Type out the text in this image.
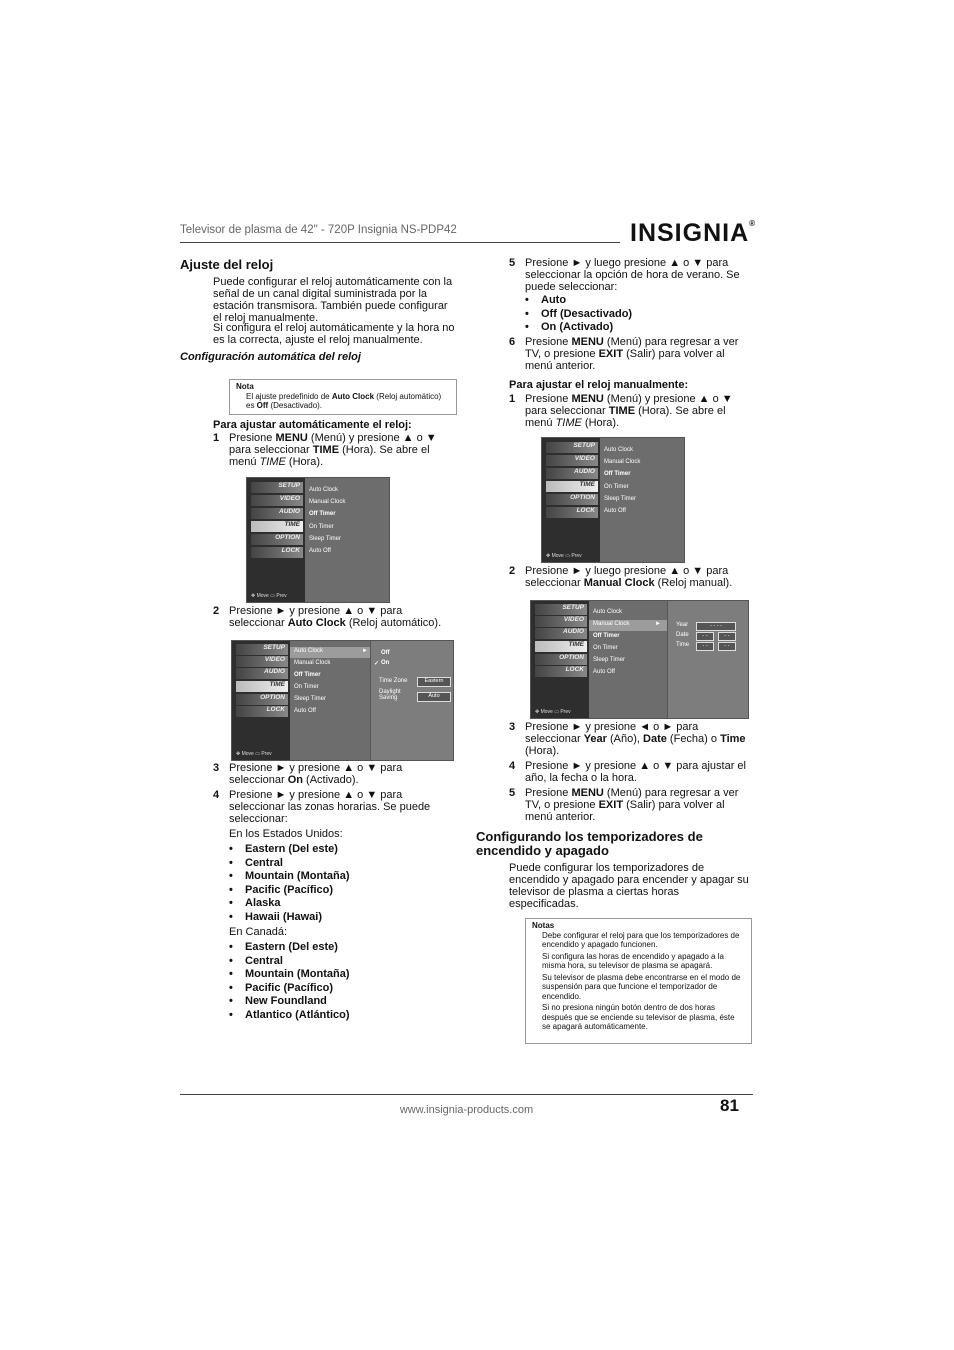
Televisor de plasma de 42" - 720P Insignia NS-PDP42	INSIGNIA®
Ajuste del reloj
Puede configurar el reloj automáticamente con la señal de un canal digital suministrada por la estación transmisora. También puede configurar el reloj manualmente.
Si configura el reloj automáticamente y la hora no es la correcta, ajuste el reloj manualmente.
Configuración automática del reloj
Nota
El ajuste predefinido de Auto Clock (Reloj automático) es Off (Desactivado).
Para ajustar automáticamente el reloj:
1 Presione MENU (Menú) y presione ▲ o ▼ para seleccionar TIME (Hora). Se abre el menú TIME (Hora).
SETUP
VIDEO
AUDIO
TIME
OPTION
LOCK
✥ Move ▭ Prev
Auto Clock
Manual Clock
Off Timer
On Timer
Sleep Timer
Auto Off
2 Presione ► y presione ▲ o ▼ para seleccionar Auto Clock (Reloj automático).
SETUP
VIDEO
AUDIO
TIME
OPTION
LOCK
✥ Move ▭ Prev
Auto Clock	►
Manual Clock
Off Timer
On Timer
Sleep Timer
Auto Off
Off
✓ On
Time Zone	Eastern
Daylight Saving	Auto
3 Presione ► y presione ▲ o ▼ para seleccionar On (Activado).
4 Presione ► y presione ▲ o ▼ para seleccionar las zonas horarias. Se puede seleccionar:
En los Estados Unidos:
• Eastern (Del este)
• Central
• Mountain (Montaña)
• Pacific (Pacífico)
• Alaska
• Hawaii (Hawai)
En Canadá:
• Eastern (Del este)
• Central
• Mountain (Montaña)
• Pacific (Pacífico)
• New Foundland
• Atlantico (Atlántico)
5 Presione ► y luego presione ▲ o ▼ para seleccionar la opción de hora de verano. Se puede seleccionar:
• Auto
• Off (Desactivado)
• On (Activado)
6 Presione MENU (Menú) para regresar a ver TV, o presione EXIT (Salir) para volver al menú anterior.
Para ajustar el reloj manualmente:
1 Presione MENU (Menú) y presione ▲ o ▼ para seleccionar TIME (Hora). Se abre el menú TIME (Hora).
SETUP
VIDEO
AUDIO
TIME
OPTION
LOCK
✥ Move ▭ Prev
Auto Clock
Manual Clock
Off Timer
On Timer
Sleep Timer
Auto Off
2 Presione ► y luego presione ▲ o ▼ para seleccionar Manual Clock (Reloj manual).
SETUP
VIDEO
AUDIO
TIME
OPTION
LOCK
✥ Move ▭ Prev
Auto Clock
Manual Clock	►
Off Timer
On Timer
Sleep Timer
Auto Off
Year	- - - -
Date	- -	- -
Time	- -	- -
3 Presione ► y presione ◄ o ► para seleccionar Year (Año), Date (Fecha) o Time (Hora).
4 Presione ► y presione ▲ o ▼ para ajustar el año, la fecha o la hora.
5 Presione MENU (Menú) para regresar a ver TV, o presione EXIT (Salir) para volver al menú anterior.
Configurando los temporizadores de encendido y apagado
Puede configurar los temporizadores de encendido y apagado para encender y apagar su televisor de plasma a ciertas horas especificadas.
Notas
Debe configurar el reloj para que los temporizadores de encendido y apagado funcionen.
Si configura las horas de encendido y apagado a la misma hora, su televisor de plasma se apagará.
Su televisor de plasma debe encontrarse en el modo de suspensión para que funcione el temporizador de encendido.
Si no presiona ningún botón dentro de dos horas después que se enciende su televisor de plasma, éste se apagará automáticamente.
www.insignia-products.com	81
